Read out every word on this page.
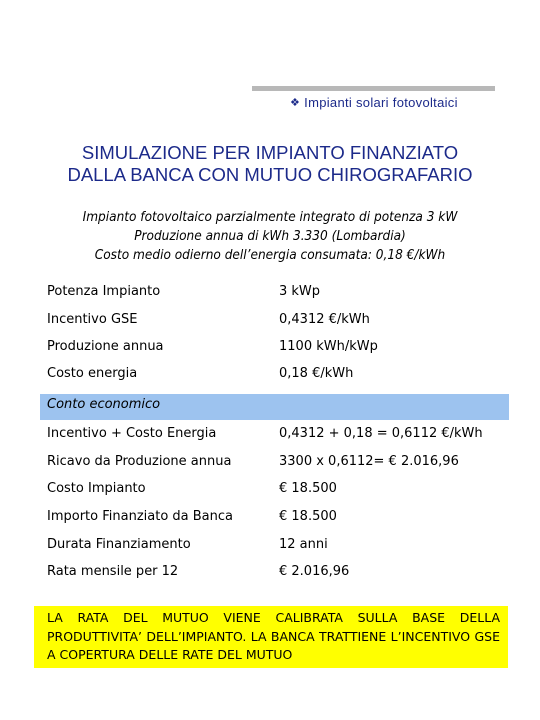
❖ Impianti solari fotovoltaici
SIMULAZIONE PER IMPIANTO FINANZIATO
DALLA BANCA CON MUTUO CHIROGRAFARIO
Impianto fotovoltaico parzialmente integrato di potenza 3 kW
Produzione annua di kWh 3.330 (Lombardia)
Costo medio odierno dell’energia consumata: 0,18 €/kWh
Potenza Impianto	3 kWp
Incentivo GSE	0,4312 €/kWh
Produzione annua	1100 kWh/kWp
Costo energia	0,18 €/kWh
Conto economico
Incentivo + Costo Energia	0,4312 + 0,18 = 0,6112 €/kWh
Ricavo da Produzione annua	3300 x 0,6112= € 2.016,96
Costo Impianto	€ 18.500
Importo Finanziato da Banca	€ 18.500
Durata Finanziamento	12 anni
Rata mensile per 12	€ 2.016,96
LA RATA DEL MUTUO VIENE CALIBRATA SULLA BASE DELLA PRODUTTIVITA’ DELL’IMPIANTO. LA BANCA TRATTIENE L’INCENTIVO GSE A COPERTURA DELLE RATE DEL MUTUO
